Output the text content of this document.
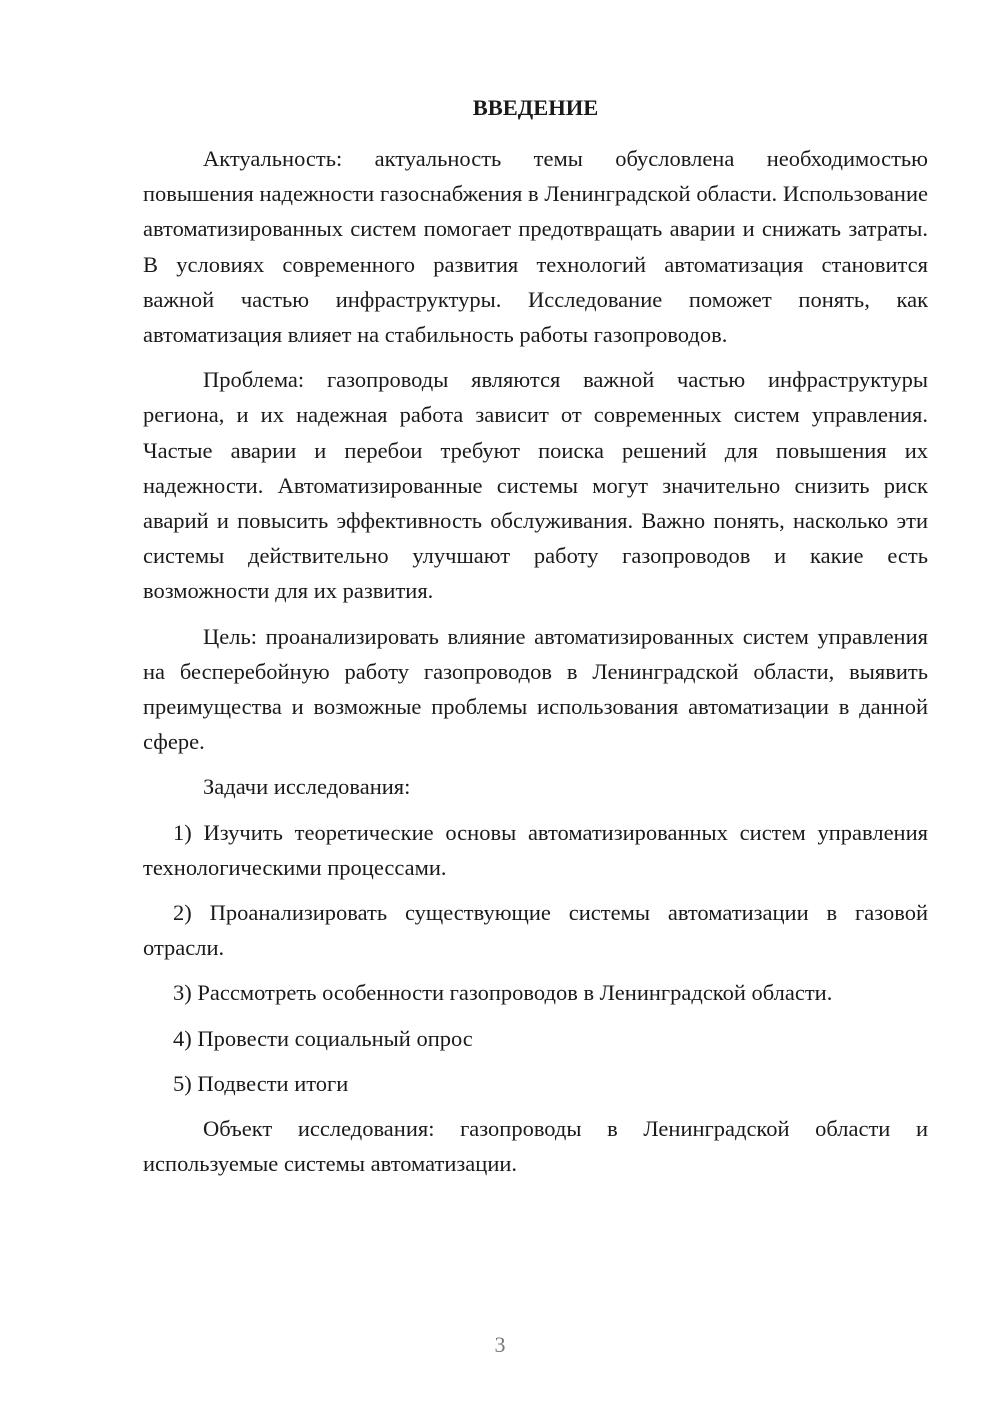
ВВЕДЕНИЕ

Актуальность: актуальность темы обусловлена необходимостью повышения надежности газоснабжения в Ленинградской области. Использование автоматизированных систем помогает предотвращать аварии и снижать затраты. В условиях современного развития технологий автоматизация становится важной частью инфраструктуры. Исследование поможет понять, как автоматизация влияет на стабильность работы газопроводов.

Проблема: газопроводы являются важной частью инфраструктуры региона, и их надежная работа зависит от современных систем управления. Частые аварии и перебои требуют поиска решений для повышения их надежности. Автоматизированные системы могут значительно снизить риск аварий и повысить эффективность обслуживания. Важно понять, насколько эти системы действительно улучшают работу газопроводов и какие есть возможности для их развития.

Цель: проанализировать влияние автоматизированных систем управления на бесперебойную работу газопроводов в Ленинградской области, выявить преимущества и возможные проблемы использования автоматизации в данной сфере.

Задачи исследования:

1) Изучить теоретические основы автоматизированных систем управления технологическими процессами.

2) Проанализировать существующие системы автоматизации в газовой отрасли.

3) Рассмотреть особенности газопроводов в Ленинградской области.

4) Провести социальный опрос

5) Подвести итоги

Объект исследования: газопроводы в Ленинградской области и используемые системы автоматизации.

3
